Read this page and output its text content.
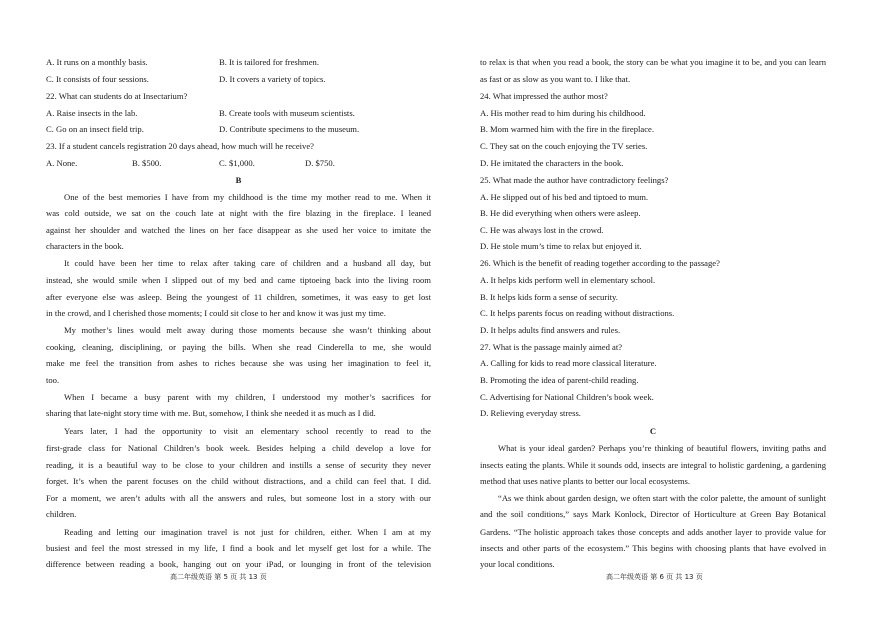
A. It runs on a monthly basis.	B. It is tailored for freshmen.
C. It consists of four sessions.	D. It covers a variety of topics.
22. What can students do at Insectarium?
A. Raise insects in the lab.	B. Create tools with museum scientists.
C. Go on an insect field trip.	D. Contribute specimens to the museum.
23. If a student cancels registration 20 days ahead, how much will he receive?
A. None.	B. $500.	C. $1,000.	D. $750.
B
One of the best memories I have from my childhood is the time my mother read to me. When it
was cold outside, we sat on the couch late at night with the fire blazing in the fireplace. I leaned
against her shoulder and watched the lines on her face disappear as she used her voice to imitate the
characters in the book.
It could have been her time to relax after taking care of children and a husband all day, but
instead, she would smile when I slipped out of my bed and came tiptoeing back into the living room
after everyone else was asleep. Being the youngest of 11 children, sometimes, it was easy to get lost
in the crowd, and I cherished those moments; I could sit close to her and know it was just my time.
My mother’s lines would melt away during those moments because she wasn’t thinking about
cooking, cleaning, disciplining, or paying the bills. When she read Cinderella to me, she would
make me feel the transition from ashes to riches because she was using her imagination to feel it,
too.
When I became a busy parent with my children, I understood my mother’s sacrifices for
sharing that late-night story time with me. But, somehow, I think she needed it as much as I did.
Years later, I had the opportunity to visit an elementary school recently to read to the
first-grade class for National Children’s book week. Besides helping a child develop a love for
reading, it is a beautiful way to be close to your children and instills a sense of security they never
forget. It’s when the parent focuses on the child without distractions, and a child can feel that. I did.
For a moment, we aren’t adults with all the answers and rules, but someone lost in a story with our
children.
Reading and letting our imagination travel is not just for children, either. When I am at my
busiest and feel the most stressed in my life, I find a book and let myself get lost for a while. The
difference between reading a book, hanging out on your iPad, or lounging in front of the television
高二年级英语 第 5 页 共 13 页
to relax is that when you read a book, the story can be what you imagine it to be, and you can learn
as fast or as slow as you want to. I like that.
24. What impressed the author most?
A. His mother read to him during his childhood.
B. Mom warmed him with the fire in the fireplace.
C. They sat on the couch enjoying the TV series.
D. He imitated the characters in the book.
25. What made the author have contradictory feelings?
A. He slipped out of his bed and tiptoed to mum.
B. He did everything when others were asleep.
C. He was always lost in the crowd.
D. He stole mum’s time to relax but enjoyed it.
26. Which is the benefit of reading together according to the passage?
A. It helps kids perform well in elementary school.
B. It helps kids form a sense of security.
C. It helps parents focus on reading without distractions.
D. It helps adults find answers and rules.
27. What is the passage mainly aimed at?
A. Calling for kids to read more classical literature.
B. Promoting the idea of parent-child reading.
C. Advertising for National Children’s book week.
D. Relieving everyday stress.
C
What is your ideal garden? Perhaps you’re thinking of beautiful flowers, inviting paths and
insects eating the plants. While it sounds odd, insects are integral to holistic gardening, a gardening
method that uses native plants to better our local ecosystems.
“As we think about garden design, we often start with the color palette, the amount of sunlight
and the soil conditions,” says Mark Konlock, Director of Horticulture at Green Bay Botanical
Gardens. “The holistic approach takes those concepts and adds another layer to provide value for
insects and other parts of the ecosystem.” This begins with choosing plants that have evolved in
your local conditions.
高二年级英语 第 6 页 共 13 页
